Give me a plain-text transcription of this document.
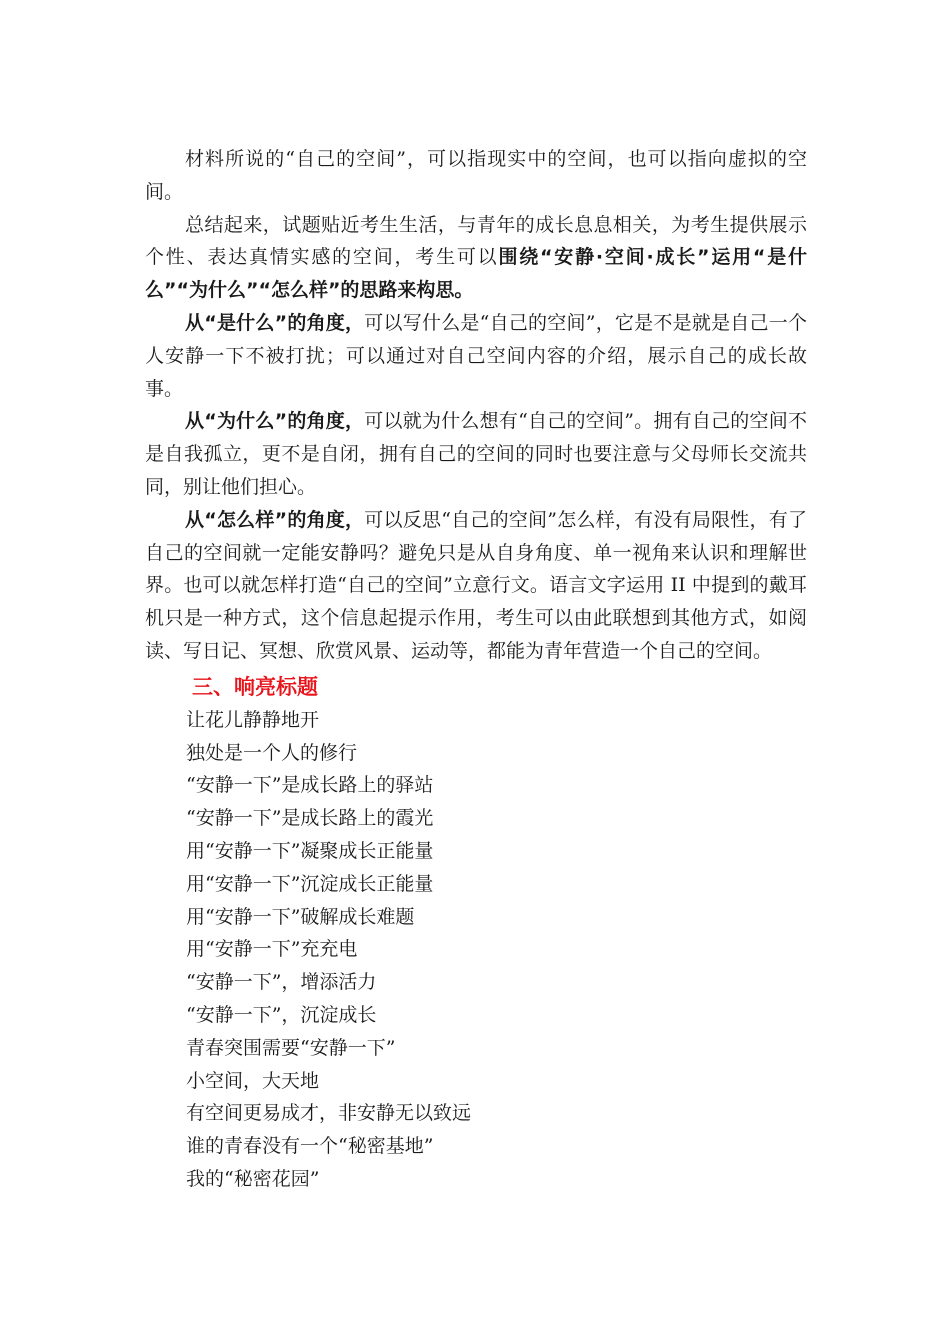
材料所说的“自己的空间”，可以指现实中的空间，也可以指向虚拟的空间。

总结起来，试题贴近考生生活，与青年的成长息息相关，为考生提供展示个性、表达真情实感的空间，考生可以围绕“安静·空间·成长”运用“是什么”“为什么”“怎么样”的思路来构思。

从“是什么”的角度，可以写什么是“自己的空间”，它是不是就是自己一个人安静一下不被打扰；可以通过对自己空间内容的介绍，展示自己的成长故事。

从“为什么”的角度，可以就为什么想有“自己的空间”。拥有自己的空间不是自我孤立，更不是自闭，拥有自己的空间的同时也要注意与父母师长交流共同，别让他们担心。

从“怎么样”的角度，可以反思“自己的空间”怎么样，有没有局限性，有了自己的空间就一定能安静吗？避免只是从自身角度、单一视角来认识和理解世界。也可以就怎样打造“自己的空间”立意行文。语言文字运用 II 中提到的戴耳机只是一种方式，这个信息起提示作用，考生可以由此联想到其他方式，如阅读、写日记、冥想、欣赏风景、运动等，都能为青年营造一个自己的空间。

三、响亮标题
让花儿静静地开
独处是一个人的修行
“安静一下”是成长路上的驿站
“安静一下”是成长路上的霞光
用“安静一下”凝聚成长正能量
用“安静一下”沉淀成长正能量
用“安静一下”破解成长难题
用“安静一下”充充电
“安静一下”，增添活力
“安静一下”，沉淀成长
青春突围需要“安静一下”
小空间，大天地
有空间更易成才，非安静无以致远
谁的青春没有一个“秘密基地”
我的“秘密花园”
